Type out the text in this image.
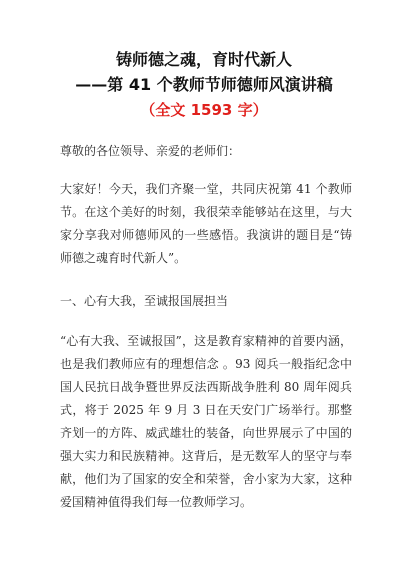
铸师德之魂，育时代新人
——第 41 个教师节师德师风演讲稿
（全文 1593 字）

尊敬的各位领导、亲爱的老师们：

大家好！今天，我们齐聚一堂，共同庆祝第 41 个教师节。在这个美好的时刻，我很荣幸能够站在这里，与大家分享我对师德师风的一些感悟。我演讲的题目是“铸师德之魂育时代新人”。

一、心有大我，至诚报国展担当

“心有大我、至诚报国”，这是教育家精神的首要内涵，也是我们教师应有的理想信念 。93 阅兵一般指纪念中国人民抗日战争暨世界反法西斯战争胜利 80 周年阅兵式，将于 2025 年 9 月 3 日在天安门广场举行。那整齐划一的方阵、威武雄壮的装备，向世界展示了中国的强大实力和民族精神。这背后，是无数军人的坚守与奉献，他们为了国家的安全和荣誉，舍小家为大家，这种爱国精神值得我们每一位教师学习。
